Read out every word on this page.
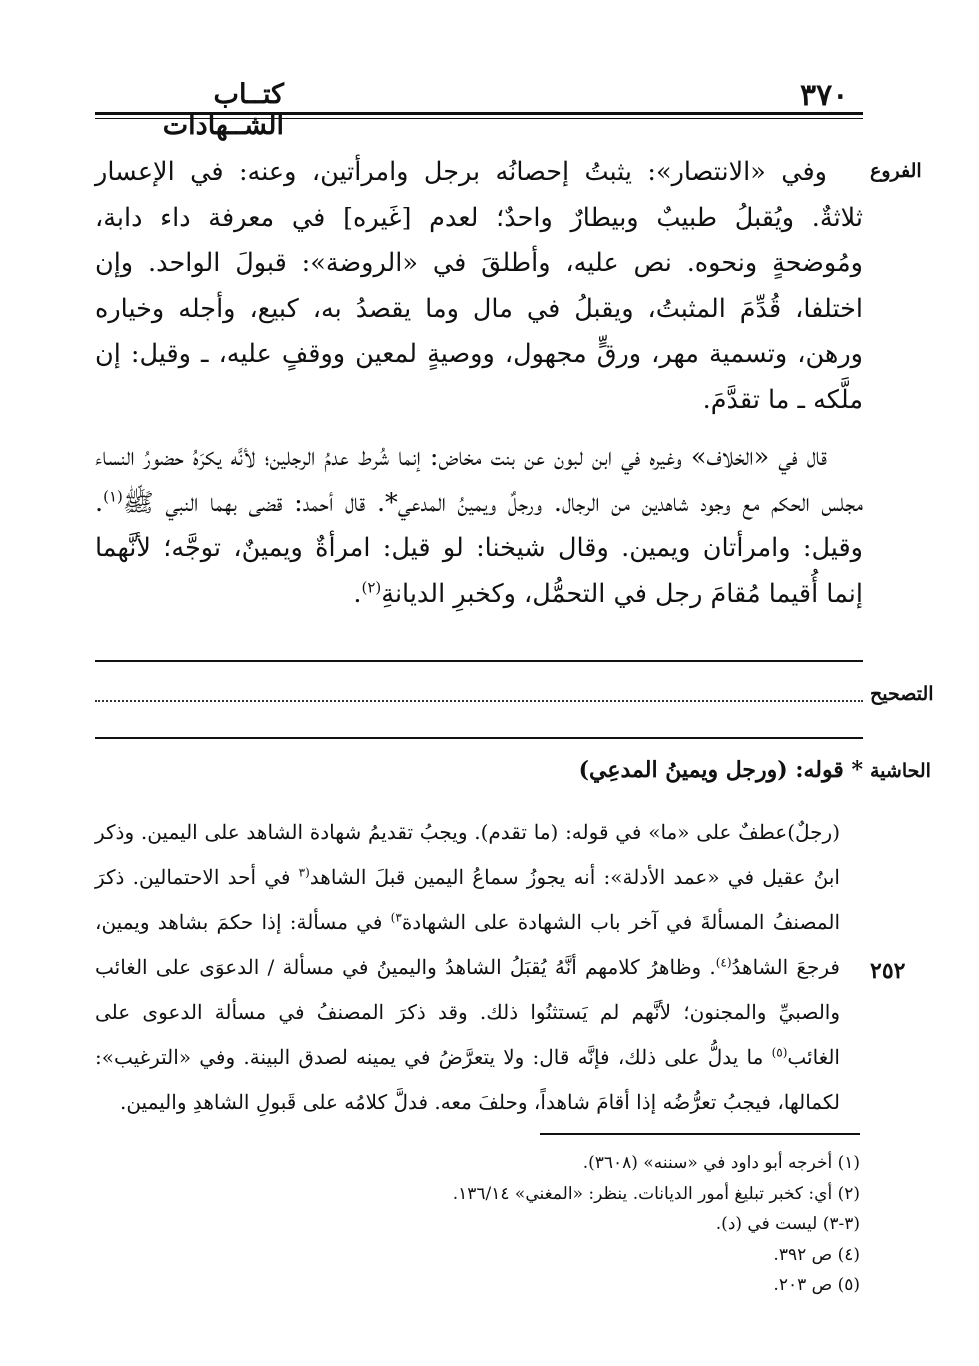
٣٧٠
كتــاب الشــهادات
الفروع

وفي «الانتصار»: يثبتُ إحصانُه برجل وامرأتين، وعنه: في الإعسار ثلاثةٌ. ويُقبلُ طبيبٌ وبيطارٌ واحدٌ؛ لعدم [غَيره] في معرفة داء دابة، ومُوضحةٍ ونحوه. نص عليه، وأطلقَ في «الروضة»: قبولَ الواحد. وإن اختلفا، قُدِّمَ المثبتُ، ويقبلُ في مال وما يقصدُ به، كبيع، وأجله وخياره ورهن، وتسمية مهر، ورقٍّ مجهول، ووصيةٍ لمعين ووقفٍ عليه، ـ وقيل: إن ملَّكه ـ ما تقدَّمَ.

قال في «الخلاف» وغيره في ابن لبون عن بنت مخاض: إنما شُرط عدمُ الرجلين؛ لأنَّه يكرَهُ حضورُ النساء مجلس الحكم مع وجود شاهدين من الرجال. ورجلٌ ويمينُ المدعي*. قال أحمد: قضى بهما النبي ﷺ$^{(١)}$. وقيل: وامرأتان ويمين. وقال شيخنا: لو قيل: امرأةٌ ويمينٌ، توجَّه؛ لأنَّهما إنما أُقيما مُقامَ رجل في التحمُّل، وكخبرِ الديانةِ$^{(٢)}$.

التصحيح
الحاشية
* قوله: (ورجل ويمينُ المدعِي)
(رجلٌ)عطفٌ على «ما» في قوله: (ما تقدم). ويجبُ تقديمُ شهادة الشاهد على اليمين. وذكر ابنُ عقيل في «عمد الأدلة»: أنه يجوزُ سماعُ اليمين قبلَ الشاهد$^{(٣}$ في أحد الاحتمالين. ذكرَ المصنفُ المسألةَ في آخر باب الشهادة على الشهادة$^{٣)}$ في مسألة: إذا حكمَ بشاهد ويمين، فرجعَ الشاهدُ$^{(٤)}$. وظاهرُ كلامهم أنَّهُ يُقبَلُ الشاهدُ واليمينُ في مسألة / الدعوَى على الغائب والصبيِّ والمجنون؛ لأنَّهم لم يَستثنُوا ذلك. وقد ذكرَ المصنفُ في مسألة الدعوى على الغائب$^{(٥)}$ ما يدلُّ على ذلك، فإنَّه قال: ولا يتعرَّضُ في يمينه لصدق البينة. وفي «الترغيب»: لكمالها، فيجبُ تعرُّضُه إذا أقامَ شاهداً، وحلفَ معه. فدلَّ كلامُه على قَبولِ الشاهدِ واليمين.
٢٥٢
(١) أخرجه أبو داود في «سننه» (٣٦٠٨).
(٢) أي: كخبر تبليغ أمور الديانات. ينظر: «المغني» ١٣٦/١٤.
(٣-٣) ليست في (د).
(٤) ص ٣٩٢.
(٥) ص ٢٠٣.
